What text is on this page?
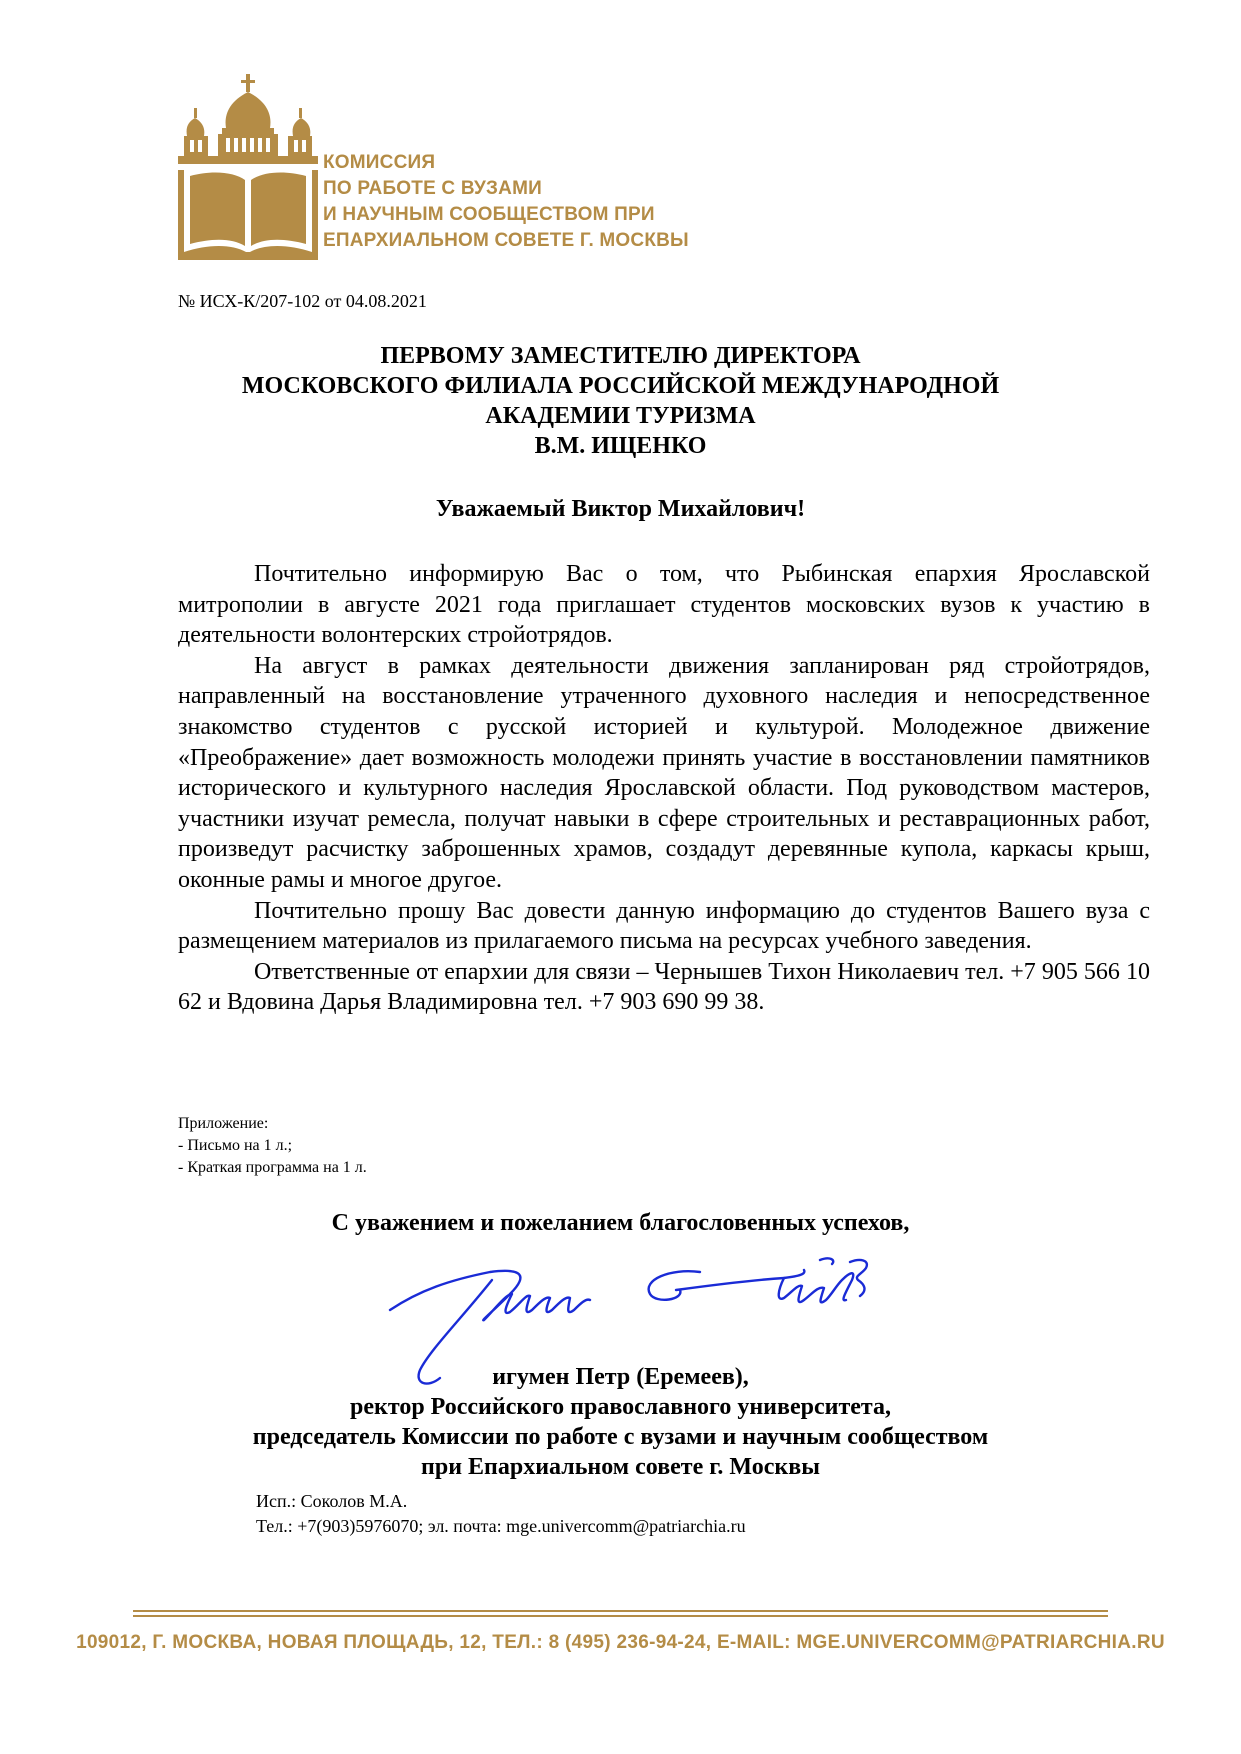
КОМИССИЯ
ПО РАБОТЕ С ВУЗАМИ
И НАУЧНЫМ СООБЩЕСТВОМ ПРИ
ЕПАРХИАЛЬНОМ СОВЕТЕ Г. МОСКВЫ
№ ИСХ-К/207-102 от 04.08.2021
ПЕРВОМУ ЗАМЕСТИТЕЛЮ ДИРЕКТОРА
МОСКОВСКОГО ФИЛИАЛА РОССИЙСКОЙ МЕЖДУНАРОДНОЙ
АКАДЕМИИ ТУРИЗМА
В.М. ИЩЕНКО
Уважаемый Виктор Михайлович!

Почтительно информирую Вас о том, что Рыбинская епархия Ярославской митрополии в августе 2021 года приглашает студентов московских вузов к участию в деятельности волонтерских стройотрядов.

На август в рамках деятельности движения запланирован ряд стройотрядов, направленный на восстановление утраченного духовного наследия и непосредственное знакомство студентов с русской историей и культурой. Молодежное движение «Преображение» дает возможность молодежи принять участие в восстановлении памятников исторического и культурного наследия Ярославской области. Под руководством мастеров, участники изучат ремесла, получат навыки в сфере строительных и реставрационных работ, произведут расчистку заброшенных храмов, создадут деревянные купола, каркасы крыш, оконные рамы и многое другое.

Почтительно прошу Вас довести данную информацию до студентов Вашего вуза с размещением материалов из прилагаемого письма на ресурсах учебного заведения.

Ответственные от епархии для связи – Чернышев Тихон Николаевич тел. +7 905 566 10 62 и Вдовина Дарья Владимировна тел. +7 903 690 99 38.

Приложение:
- Письмо на 1 л.;
- Краткая программа на 1 л.
С уважением и пожеланием благословенных успехов,
игумен Петр (Еремеев),
ректор Российского православного университета,
председатель Комиссии по работе с вузами и научным сообществом
при Епархиальном совете г. Москвы
Исп.: Соколов М.А.
Тел.: +7(903)5976070; эл. почта: mge.univercomm@patriarchia.ru
109012, Г. МОСКВА, НОВАЯ ПЛОЩАДЬ, 12, ТЕЛ.: 8 (495) 236-94-24, E-MAIL: MGE.UNIVERCOMM@PATRIARCHIA.RU
